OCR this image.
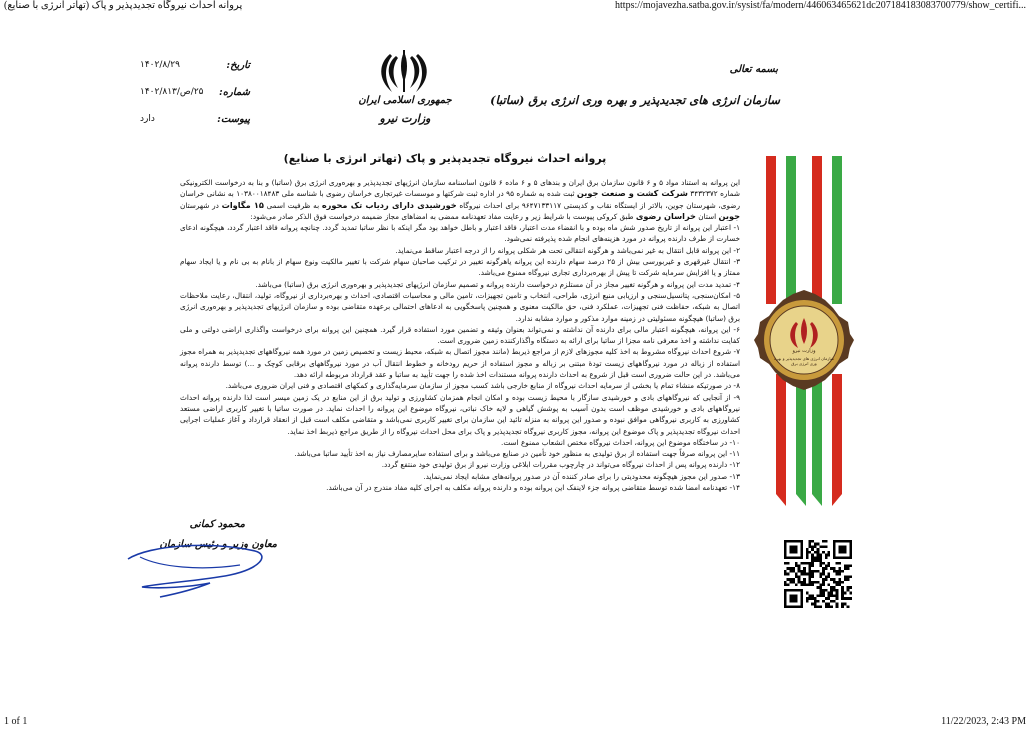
پروانه احداث نیروگاه تجدیدپذیر و پاک (تهاتر انرژی با صنایع)	https://mojavezha.satba.gov.ir/sysist/fa/modern/446063465621dc207184183083700779/show_certifi...
تاریخ:
۱۴۰۲/۸/۲۹
شماره:
۲۵/ص/۱۴۰۲/۸۱۳
پیوست:
دارد
جمهوری اسلامی ایران
وزارت نیرو
بسمه تعالی
سازمان انرژی های تجدیدپذیر و بهره وری انرژی برق (ساتبا)
پروانه احداث نیروگاه تجدیدپذیر و پاک (تهاتر انرژی با صنایع)

این پروانه به استناد مواد ۵ و ۶ قانون سازمان برق ایران و بندهای ۵ و ۶ ماده ۶ قانون اساسنامه سازمان انرژیهای تجدیدپذیر و بهره‌وری انرژی برق (ساتبا) و بنا به درخواست الکترونیکی شماره ۳۴۳۲۳۷۲ شرکت کشت و صنعت جوین ثبت شده به شماره ۹۵ در اداره ثبت شرکتها و موسسات غیرتجاری خراسان رضوی با شناسه ملی ۱۰۳۸۰۰۱۸۴۸۳ به نشانی خراسان رضوی، شهرستان جوین، بالاتر از ایستگاه نقاب و کدپستی ۹۶۴۷۱۳۳۱۱۷ برای احداث نیروگاه خورشیدی دارای ردیاب تک محوره به ظرفیت اسمی ۱۵ مگاوات در شهرستان جوین استان خراسان رضوی طبق کروکی پیوست با شرایط زیر و رعایت مفاد تعهدنامه ممضی به امضاهای مجاز ضمیمه درخواست فوق الذکر صادر می‌شود:

۱- اعتبار این پروانه از تاریخ صدور شش ماه بوده و با انقضاء مدت اعتبار، فاقد اعتبار و باطل خواهد بود مگر اینکه با نظر ساتبا تمدید گردد. چنانچه پروانه فاقد اعتبار گردد، هیچگونه ادعای خسارت از طرف دارنده پروانه در مورد هزینه‌های انجام شده پذیرفته نمی‌شود.

۲- این پروانه قابل انتقال به غیر نمی‌باشد و هرگونه انتقالی تحت هر شکلی پروانه را از درجه اعتبار ساقط می‌نماید.

۳- انتقال غیرقهری و غیربورسی بیش از ۲۵ درصد سهام دارنده این پروانه یاهرگونه تغییر در ترکیب صاحبان سهام شرکت با تغییر مالکیت ونوع سهام از بانام به بی نام و یا ایجاد سهام ممتاز و یا افزایش سرمایه شرکت تا پیش از بهره‌برداری تجاری نیروگاه ممنوع می‌باشد.

۴- تمدید مدت این پروانه و هرگونه تغییر مجاز در آن مستلزم درخواست دارنده پروانه و تصمیم سازمان انرژیهای تجدیدپذیر و بهره‌وری انرژی برق (ساتبا) می‌باشد.

۵- امکان‌سنجی، پتانسیل‌سنجی و ارزیابی منبع انرژی، طراحی، انتخاب و تامین تجهیزات، تامین مالی و محاسبات اقتصادی، احداث و بهره‌برداری از نیروگاه، تولید، انتقال، رعایت ملاحظات اتصال به شبکه، حفاظت فنی تجهیزات، عملکرد فنی، حق مالکیت معنوی و همچنین پاسخگویی به ادعاهای احتمالی برعهده متقاضی بوده و سازمان انرژیهای تجدیدپذیر و بهره‌وری انرژی برق (ساتبا) هیچگونه مسئولیتی در زمینه موارد مذکور و موارد مشابه ندارد.

۶- این پروانه، هیچگونه اعتبار مالی برای دارنده آن نداشته و نمی‌تواند بعنوان وثیقه و تضمین مورد استفاده قرار گیرد. همچنین این پروانه برای درخواست واگذاری اراضی دولتی و ملی کفایت نداشته و اخذ معرفی نامه مجزا از ساتبا برای ارائه به دستگاه واگذارکننده زمین ضروری است.

۷- شروع احداث نیروگاه مشروط به اخذ کلیه مجوزهای لازم از مراجع ذیربط (مانند مجوز اتصال به شبکه، محیط زیست و تخصیص زمین در مورد همه نیروگاههای تجدیدپذیر به همراه مجوز استفاده از زباله در مورد نیروگاههای زیست تودهٔ مبتنی بر زباله و مجوز استفاده از حریم رودخانه و خطوط انتقال آب در مورد نیروگاههای برقابی کوچک و ...) توسط دارنده پروانه می‌باشد. در این حالت ضروری است قبل از شروع به احداث دارنده پروانه مستندات اخذ شده را جهت تأیید به ساتبا و عقد قرارداد مربوطه ارائه دهد.

۸- در صورتیکه منشاء تمام یا بخشی از سرمایه احداث نیروگاه از منابع خارجی باشد کسب مجوز از سازمان سرمایه‌گذاری و کمکهای اقتصادی و فنی ایران ضروری می‌باشد.

۹- از آنجایی که نیروگاههای بادی و خورشیدی سازگار با محیط زیست بوده و امکان انجام همزمان کشاورزی و تولید برق از این منابع در یک زمین میسر است لذا دارنده پروانه احداث نیروگاههای بادی و خورشیدی موظف است بدون آسیب به پوشش گیاهی و لایه خاک نباتی، نیروگاه موضوع این پروانه را احداث نماید. در صورت ساتبا با تغییر کاربری اراضی مستعد کشاورزی به کاربری نیروگاهی موافق نبوده و صدور این پروانه به منزله تائید این سازمان برای تغییر کاربری نمی‌باشد و متقاضی مکلف است قبل از انعقاد قرارداد و آغاز عملیات اجرایی احداث نیروگاه تجدیدپذیر و پاک موضوع این پروانه، مجوز کاربری نیروگاه تجدیدپذیر و پاک برای محل احداث نیروگاه را از طریق مراجع ذیربط اخذ نماید.

۱۰- در ساختگاه موضوع این پروانه، احداث نیروگاه مختص انشعاب ممنوع است.

۱۱- این پروانه صرفاً جهت استفاده از برق تولیدی به منظور خود تأمین در صنایع می‌باشد و برای استفاده سایرمصارف نیاز به اخذ تأیید ساتبا می‌باشد.

۱۲- دارنده پروانه پس از احداث نیروگاه می‌تواند در چارچوب مقررات ابلاغی وزارت نیرو از برق تولیدی خود منتفع گردد.

۱۳- صدور این مجوز هیچگونه محدودیتی را برای صادر کننده آن در صدور پروانه‌های مشابه ایجاد نمی‌نماید.

۱۴- تعهدنامه امضا شده توسط متقاضی پروانه جزء لاینفک این پروانه بوده و دارنده پروانه مکلف به اجرای کلیه مفاد مندرج در آن می‌باشد.

محمود کمانی
معاون وزیر و رئیس سازمان
وزارت نیرو
سازمان انرژی های تجدیدپذیر و بهره وری انرژی برق
1 of 1	11/22/2023, 2:43 PM
